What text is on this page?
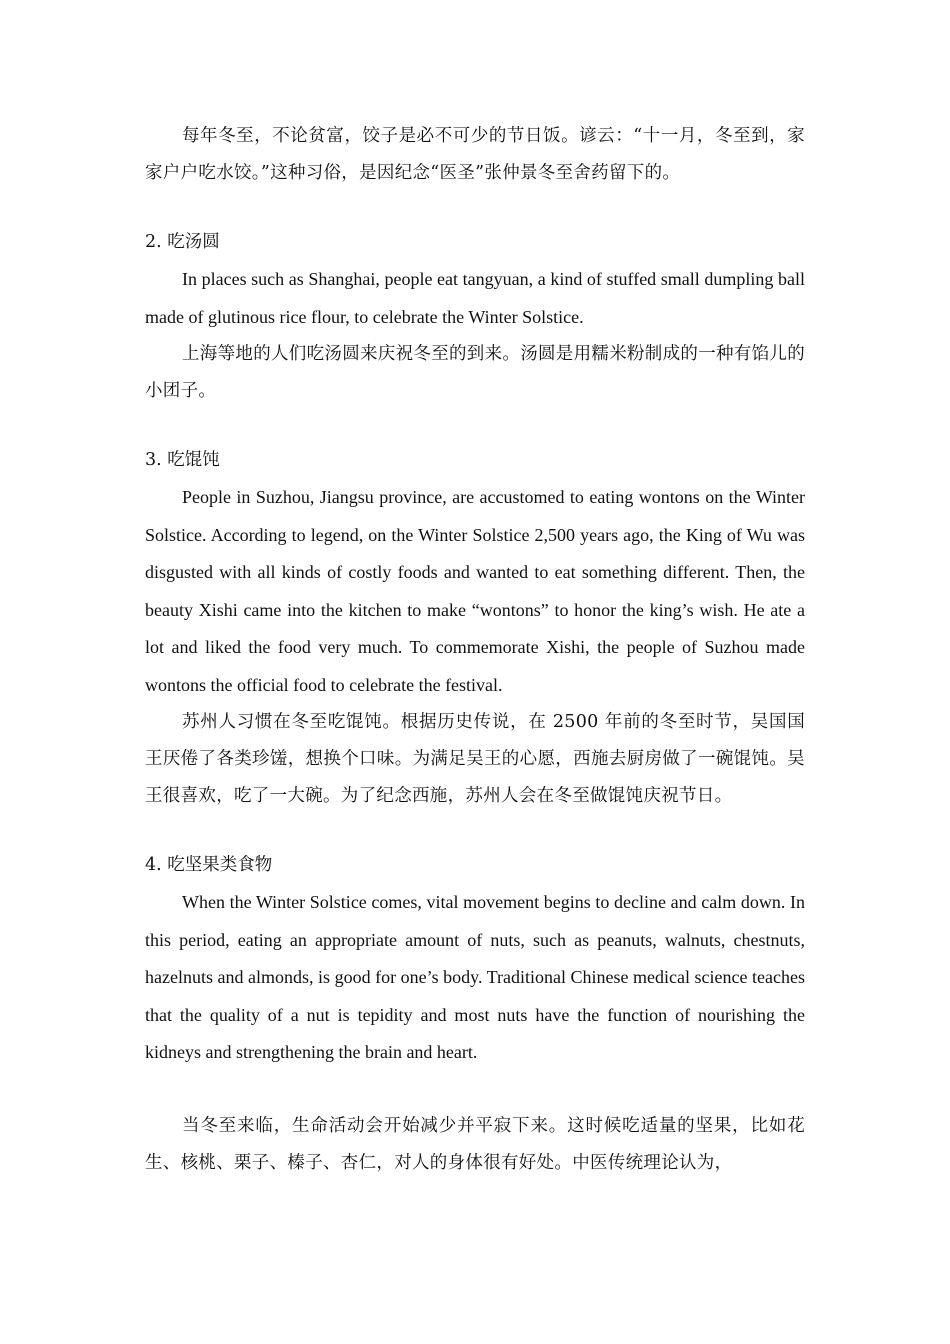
每年冬至，不论贫富，饺子是必不可少的节日饭。谚云：“十一月，冬至到，家家户户吃水饺。”这种习俗，是因纪念“医圣”张仲景冬至舍药留下的。

2. 吃汤圆

In places such as Shanghai, people eat tangyuan, a kind of stuffed small dumpling ball made of glutinous rice flour, to celebrate the Winter Solstice.

上海等地的人们吃汤圆来庆祝冬至的到来。汤圆是用糯米粉制成的一种有馅儿的小团子。

3. 吃馄饨

People in Suzhou, Jiangsu province, are accustomed to eating wontons on the Winter Solstice. According to legend, on the Winter Solstice 2,500 years ago, the King of Wu was disgusted with all kinds of costly foods and wanted to eat something different. Then, the beauty Xishi came into the kitchen to make “wontons” to honor the king’s wish. He ate a lot and liked the food very much. To commemorate Xishi, the people of Suzhou made wontons the official food to celebrate the festival.

苏州人习惯在冬至吃馄饨。根据历史传说，在 2500 年前的冬至时节，吴国国王厌倦了各类珍馐，想换个口味。为满足吴王的心愿，西施去厨房做了一碗馄饨。吴王很喜欢，吃了一大碗。为了纪念西施，苏州人会在冬至做馄饨庆祝节日。

4. 吃坚果类食物

When the Winter Solstice comes, vital movement begins to decline and calm down. In this period, eating an appropriate amount of nuts, such as peanuts, walnuts, chestnuts, hazelnuts and almonds, is good for one’s body. Traditional Chinese medical science teaches that the quality of a nut is tepidity and most nuts have the function of nourishing the kidneys and strengthening the brain and heart.

当冬至来临，生命活动会开始减少并平寂下来。这时候吃适量的坚果，比如花生、核桃、栗子、榛子、杏仁，对人的身体很有好处。中医传统理论认为，
